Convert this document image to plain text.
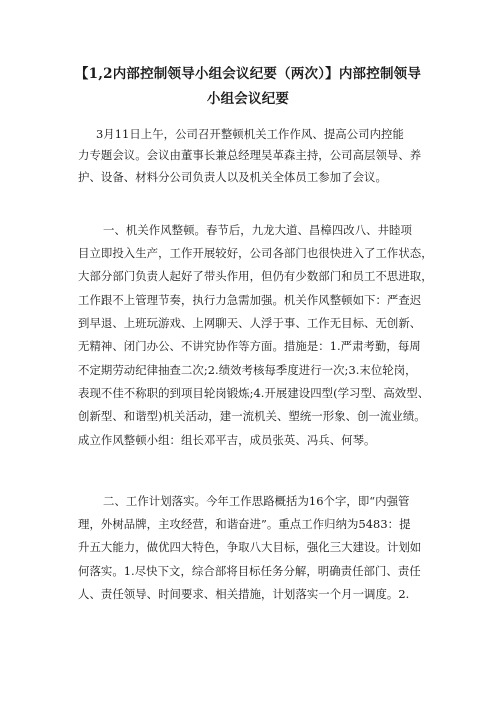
【1,2内部控制领导小组会议纪要（两次）】内部控制领导
小组会议纪要
3月11日上午，公司召开整顿机关工作作风、提高公司内控能
力专题会议。会议由董事长兼总经理吴革森主持，公司高层领导、养
护、设备、材料分公司负责人以及机关全体员工参加了会议。
一、机关作风整顿。春节后，九龙大道、昌樟四改八、井睦项
目立即投入生产，工作开展较好，公司各部门也很快进入了工作状态，
大部分部门负责人起好了带头作用，但仍有少数部门和员工不思进取，
工作跟不上管理节奏，执行力急需加强。机关作风整顿如下：严查迟
到早退、上班玩游戏、上网聊天、人浮于事、工作无目标、无创新、
无精神、闭门办公、不讲究协作等方面。措施是：1.严肃考勤，每周
不定期劳动纪律抽查二次;2.绩效考核每季度进行一次;3.末位轮岗，
表现不佳不称职的到项目轮岗锻炼;4.开展建设四型(学习型、高效型、
创新型、和谐型)机关活动，建一流机关、塑统一形象、创一流业绩。
成立作风整顿小组：组长邓平吉，成员张英、冯兵、何琴。
二、工作计划落实。今年工作思路概括为16个字，即“内强管
理，外树品牌，主攻经营，和谐奋进”。重点工作归纳为5483：提
升五大能力，做优四大特色，争取八大目标，强化三大建设。计划如
何落实。1.尽快下文，综合部将目标任务分解，明确责任部门、责任
人、责任领导、时间要求、相关措施，计划落实一个月一调度。2.
